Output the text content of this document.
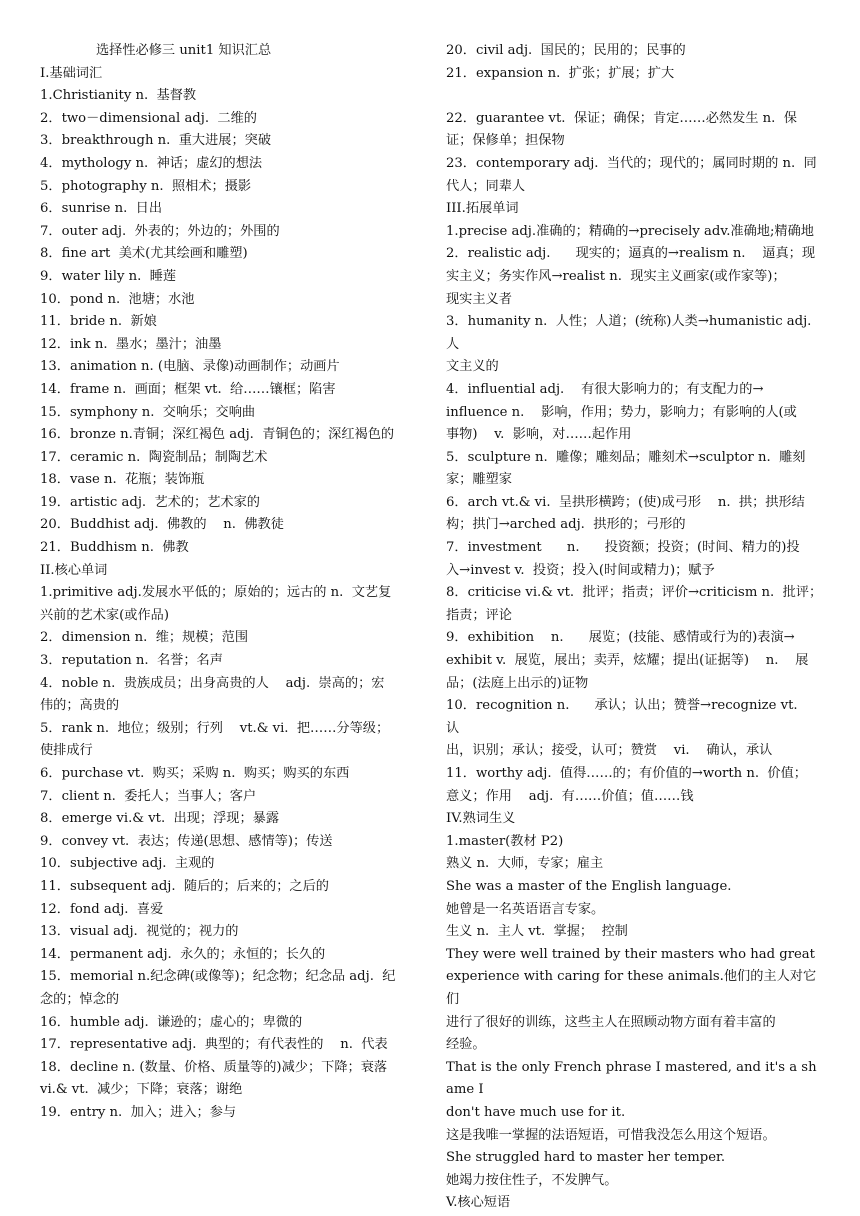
选择性必修三 unit1 知识汇总
I.基础词汇
1.Christianity n.  基督教
2．two－dimensional adj.  二维的
3．breakthrough n.  重大进展；突破
4．mythology n.  神话；虚幻的想法
5．photography n.  照相术；摄影
6．sunrise n.  日出
7．outer adj.  外表的；外边的；外围的
8．fine art  美术(尤其绘画和雕塑)
9．water lily n.  睡莲
10．pond n.  池塘；水池
11．bride n.  新娘
12．ink n.  墨水；墨汁；油墨
13．animation n. (电脑、录像)动画制作；动画片
14．frame n.  画面；框架 vt.  给……镶框；陷害
15．symphony n.  交响乐；交响曲
16．bronze n.青铜；深红褐色 adj.  青铜色的；深红褐色的
17．ceramic n.  陶瓷制品；制陶艺术
18．vase n.  花瓶；装饰瓶
19．artistic adj.  艺术的；艺术家的
20．Buddhist adj.  佛教的    n.  佛教徒
21．Buddhism n.  佛教
II.核心单词
1.primitive adj.发展水平低的；原始的；远古的 n.  文艺复
兴前的艺术家(或作品)
2．dimension n.  维；规模；范围
3．reputation n.  名誉；名声
4．noble n.  贵族成员；出身高贵的人    adj.  崇高的；宏
伟的；高贵的
5．rank n.  地位；级别；行列    vt.& vi.  把……分等级；
使排成行
6．purchase vt.  购买；采购 n.  购买；购买的东西
7．client n.  委托人；当事人；客户
8．emerge vi.& vt.  出现；浮现；暴露
9．convey vt.  表达；传递(思想、感情等)；传送
10．subjective adj.  主观的
11．subsequent adj.  随后的；后来的；之后的
12．fond adj.  喜爱
13．visual adj.  视觉的；视力的
14．permanent adj.  永久的；永恒的；长久的
15．memorial n.纪念碑(或像等)；纪念物；纪念品 adj.  纪
念的；悼念的
16．humble adj.  谦逊的；虚心的；卑微的
17．representative adj.  典型的；有代表性的    n.  代表
18．decline n. (数量、价格、质量等的)减少；下降；衰落
vi.& vt.  减少；下降；衰落；谢绝
19．entry n.  加入；进入；参与
20．civil adj.  国民的；民用的；民事的
21．expansion n.  扩张；扩展；扩大
22．guarantee vt.  保证；确保；肯定……必然发生 n.  保
证；保修单；担保物
23．contemporary adj.  当代的；现代的；属同时期的 n.  同
代人；同辈人
III.拓展单词
1.precise adj.准确的；精确的→precisely adv.准确地;精确地
2．realistic adj.      现实的；逼真的→realism n.    逼真；现
实主义；务实作风→realist n.  现实主义画家(或作家等)；
现实主义者
3．humanity n.  人性；人道；(统称)人类→humanistic adj.  人
文主义的
4．influential adj.    有很大影响力的；有支配力的→
influence n.    影响，作用；势力，影响力；有影响的人(或
事物)    v.  影响，对……起作用
5．sculpture n.  雕像；雕刻品；雕刻术→sculptor n.  雕刻
家；雕塑家
6．arch vt.& vi.  呈拱形横跨；(使)成弓形    n.  拱；拱形结
构；拱门→arched adj.  拱形的；弓形的
7．investment      n.      投资额；投资；(时间、精力的)投
入→invest v.  投资；投入(时间或精力)；赋予
8．criticise vi.& vt.  批评；指责；评价→criticism n.  批评；
指责；评论
9．exhibition    n.      展览；(技能、感情或行为的)表演→
exhibit v.  展览，展出；卖弄，炫耀；提出(证据等)    n.    展
品；(法庭上出示的)证物
10．recognition n.      承认；认出；赞誉→recognize vt.    认
出，识别；承认；接受，认可；赞赏    vi.    确认，承认
11．worthy adj.  值得……的；有价值的→worth n.  价值；
意义；作用    adj.  有……价值；值……钱
IV.熟词生义
1.master(教材 P2)
熟义 n.  大师，专家；雇主
She was a master of the English language.
她曾是一名英语语言专家。
生义 n.  主人 vt.  掌握；  控制
They were well trained by their masters who had great
experience with caring for these animals.他们的主人对它们
进行了很好的训练，这些主人在照顾动物方面有着丰富的
经验。
That is the only French phrase I mastered, and it's a shame I
don't have much use for it.
这是我唯一掌握的法语短语，可惜我没怎么用这个短语。
She struggled hard to master her temper.
她竭力按住性子，不发脾气。
V.核心短语
